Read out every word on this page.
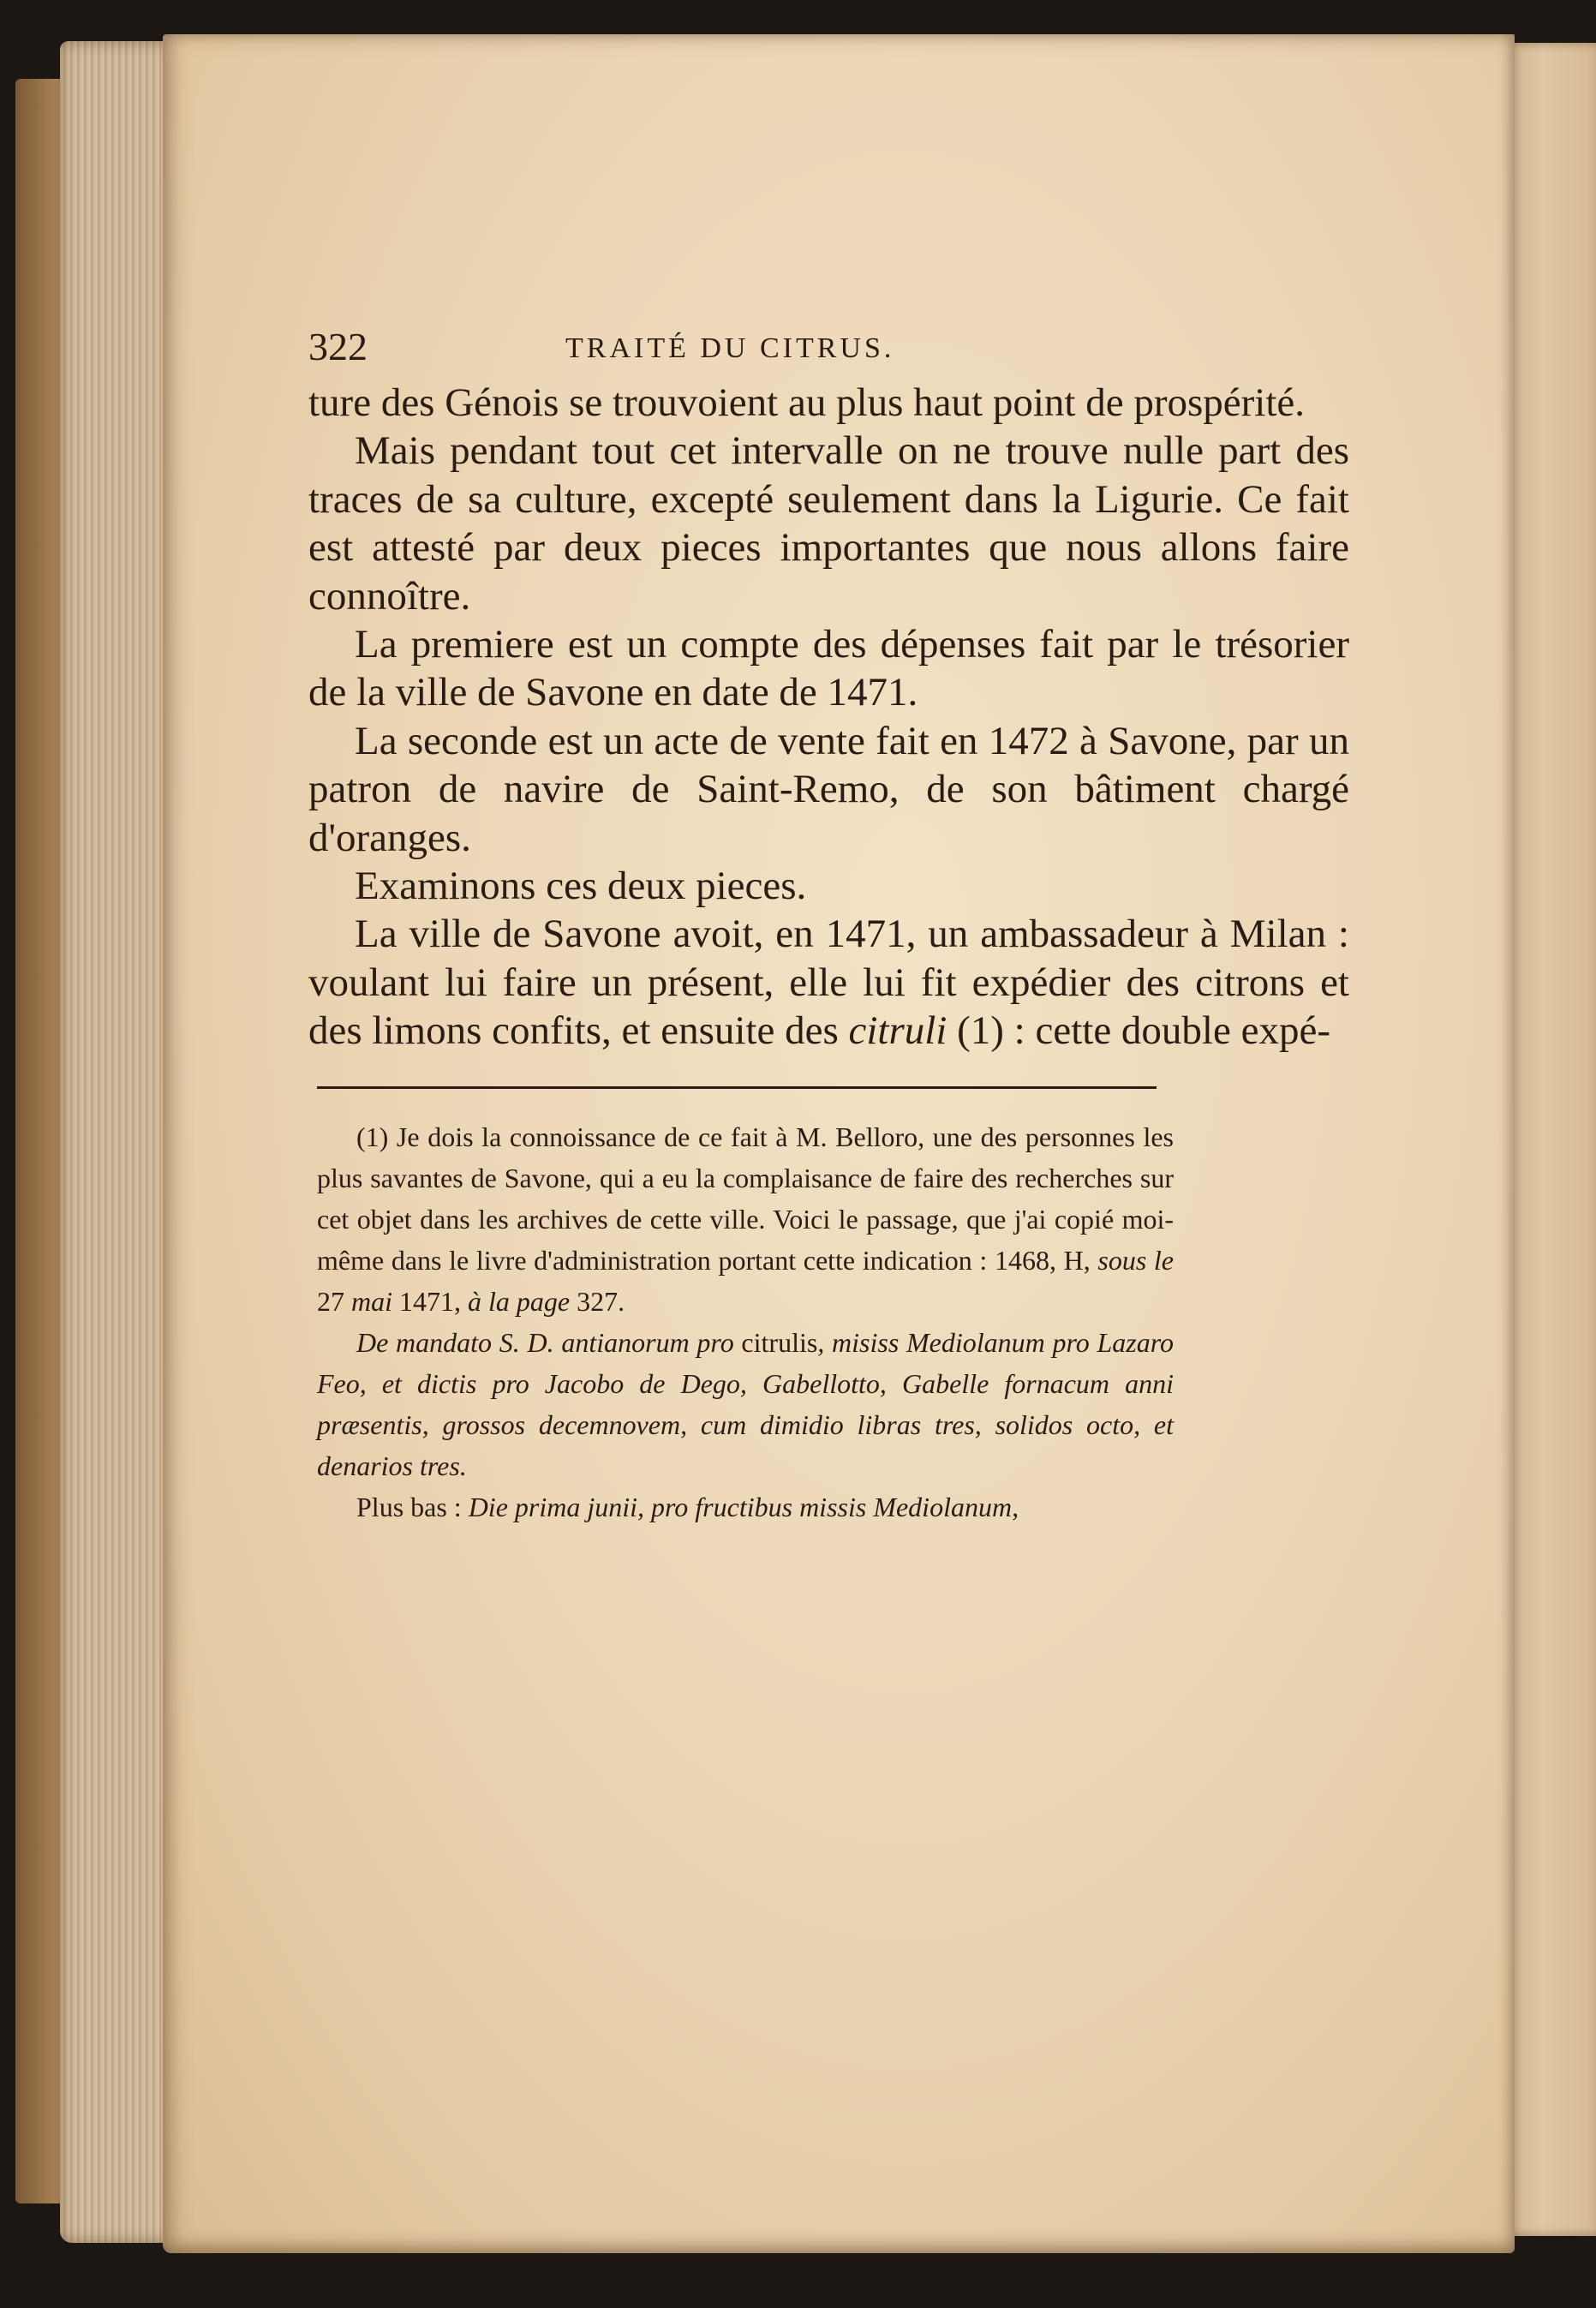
322	TRAITÉ DU CITRUS.

ture des Génois se trouvoient au plus haut point de prospérité.

Mais pendant tout cet intervalle on ne trouve nulle part des traces de sa culture, excepté seulement dans la Ligurie. Ce fait est attesté par deux pieces importantes que nous allons faire connoître.

La premiere est un compte des dépenses fait par le trésorier de la ville de Savone en date de 1471.

La seconde est un acte de vente fait en 1472 à Savone, par un patron de navire de Saint-Remo, de son bâtiment chargé d'oranges.

Examinons ces deux pieces.

La ville de Savone avoit, en 1471, un ambassadeur à Milan : voulant lui faire un présent, elle lui fit expédier des citrons et des limons confits, et ensuite des citruli (1) : cette double expé-

(1) Je dois la connoissance de ce fait à M. Belloro, une des personnes les plus savantes de Savone, qui a eu la complaisance de faire des recherches sur cet objet dans les archives de cette ville. Voici le passage, que j'ai copié moi-même dans le livre d'administration portant cette indication : 1468, H, sous le 27 mai 1471, à la page 327.

De mandato S. D. antianorum pro citrulis, misiss Mediolanum pro Lazaro Feo, et dictis pro Jacobo de Dego, Gabellotto, Gabelle fornacum anni præsentis, grossos decemnovem, cum dimidio libras tres, solidos octo, et denarios tres.

Plus bas : Die prima junii, pro fructibus missis Mediolanum,
